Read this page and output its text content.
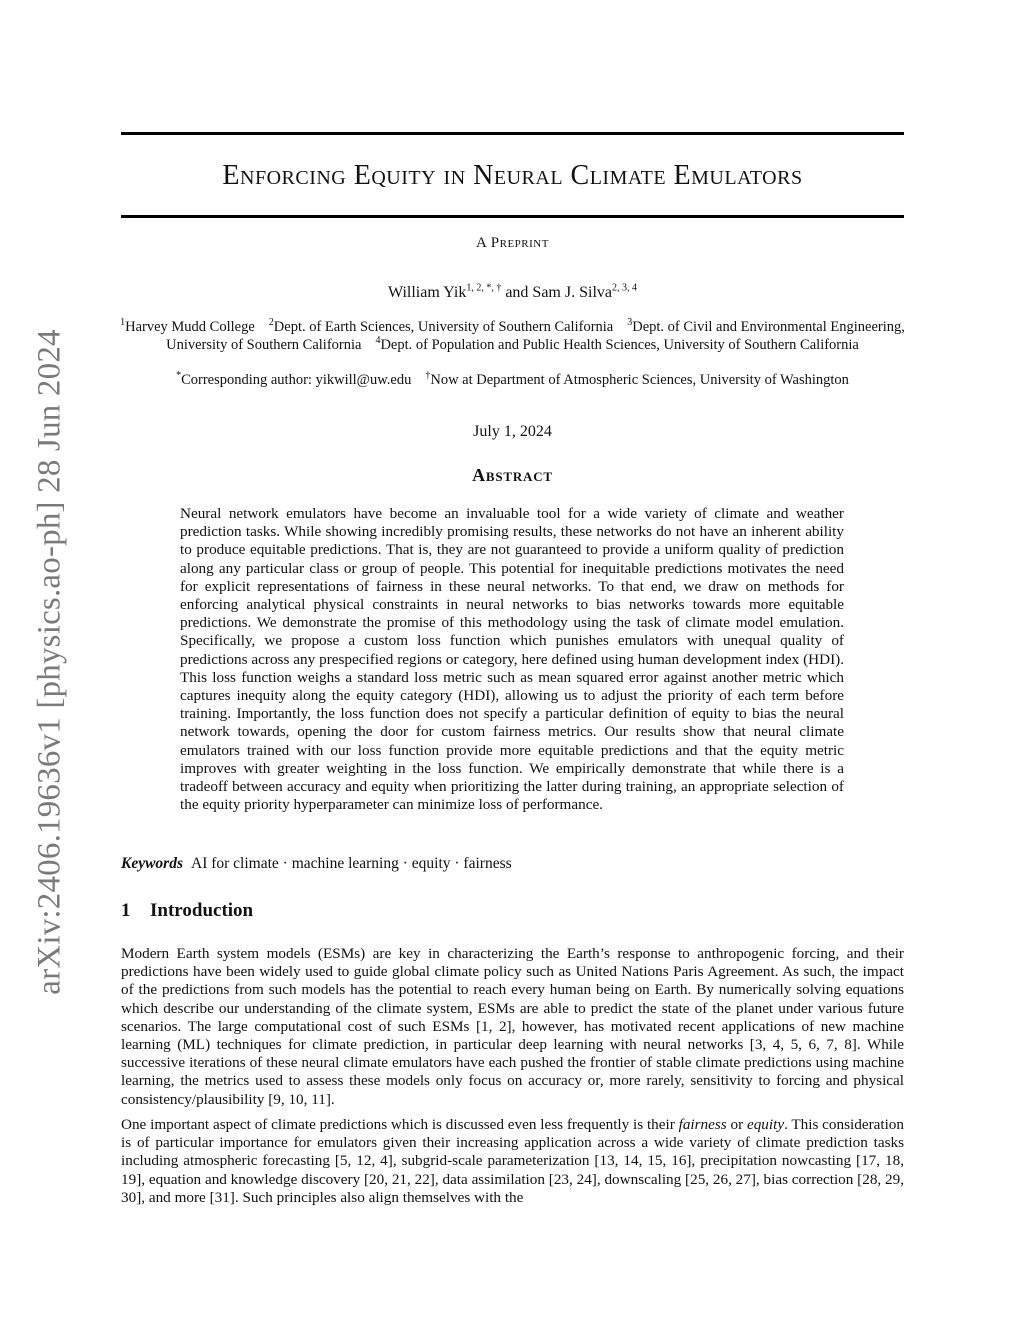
arXiv:2406.19636v1 [physics.ao-ph] 28 Jun 2024
Enforcing Equity in Neural Climate Emulators
A Preprint
William Yik$^{1, 2, *, \dagger}$ and Sam J. Silva$^{2, 3, 4}$
$^1$Harvey Mudd College $^2$Dept. of Earth Sciences, University of Southern California $^3$Dept. of Civil and Environmental Engineering, University of Southern California $^4$Dept. of Population and Public Health Sciences, University of Southern California
*Corresponding author: yikwill@uw.edu †Now at Department of Atmospheric Sciences, University of Washington
July 1, 2024
Abstract
Neural network emulators have become an invaluable tool for a wide variety of climate and weather prediction tasks. While showing incredibly promising results, these networks do not have an inherent ability to produce equitable predictions. That is, they are not guaranteed to provide a uniform quality of prediction along any particular class or group of people. This potential for inequitable predictions motivates the need for explicit representations of fairness in these neural networks. To that end, we draw on methods for enforcing analytical physical constraints in neural networks to bias networks towards more equitable predictions. We demonstrate the promise of this methodology using the task of climate model emulation. Specifically, we propose a custom loss function which punishes emulators with unequal quality of predictions across any prespecified regions or category, here defined using human development index (HDI). This loss function weighs a standard loss metric such as mean squared error against another metric which captures inequity along the equity category (HDI), allowing us to adjust the priority of each term before training. Importantly, the loss function does not specify a particular definition of equity to bias the neural network towards, opening the door for custom fairness metrics. Our results show that neural climate emulators trained with our loss function provide more equitable predictions and that the equity metric improves with greater weighting in the loss function. We empirically demonstrate that while there is a tradeoff between accuracy and equity when prioritizing the latter during training, an appropriate selection of the equity priority hyperparameter can minimize loss of performance.
Keywords AI for climate · machine learning · equity · fairness
1 Introduction

Modern Earth system models (ESMs) are key in characterizing the Earth’s response to anthropogenic forcing, and their predictions have been widely used to guide global climate policy such as United Nations Paris Agreement. As such, the impact of the predictions from such models has the potential to reach every human being on Earth. By numerically solving equations which describe our understanding of the climate system, ESMs are able to predict the state of the planet under various future scenarios. The large computational cost of such ESMs [1, 2], however, has motivated recent applications of new machine learning (ML) techniques for climate prediction, in particular deep learning with neural networks [3, 4, 5, 6, 7, 8]. While successive iterations of these neural climate emulators have each pushed the frontier of stable climate predictions using machine learning, the metrics used to assess these models only focus on accuracy or, more rarely, sensitivity to forcing and physical consistency/plausibility [9, 10, 11].

One important aspect of climate predictions which is discussed even less frequently is their fairness or equity. This consideration is of particular importance for emulators given their increasing application across a wide variety of climate prediction tasks including atmospheric forecasting [5, 12, 4], subgrid-scale parameterization [13, 14, 15, 16], precipitation nowcasting [17, 18, 19], equation and knowledge discovery [20, 21, 22], data assimilation [23, 24], downscaling [25, 26, 27], bias correction [28, 29, 30], and more [31]. Such principles also align themselves with the
